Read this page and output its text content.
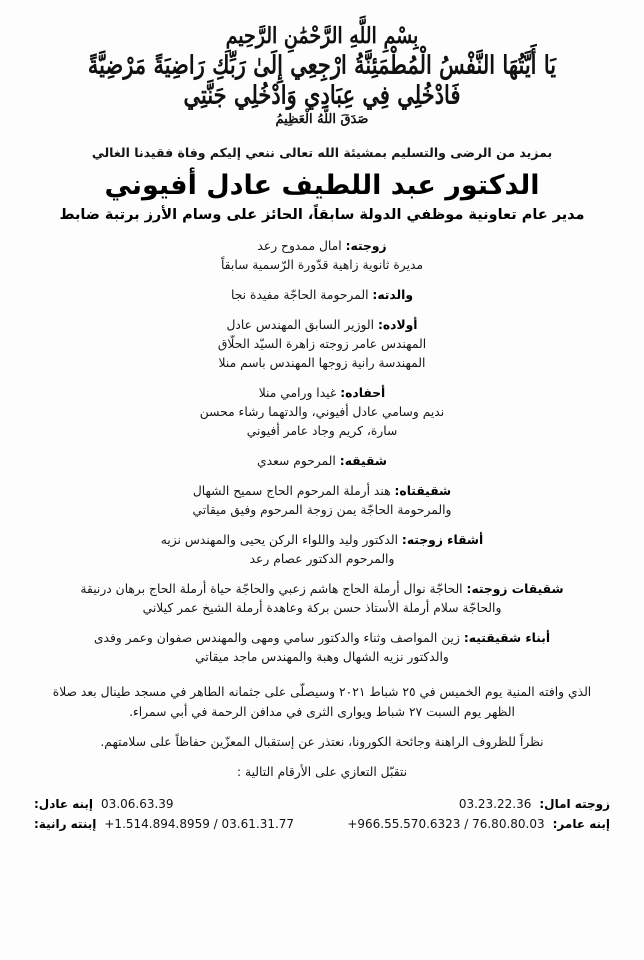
بِسْمِ اللَّهِ الرَّحْمَٰنِ الرَّحِيمِ
يَا أَيَّتُهَا النَّفْسُ الْمُطْمَئِنَّةُ ارْجِعِي إِلَىٰ رَبِّكِ رَاضِيَةً مَرْضِيَّةً
فَادْخُلِي فِي عِبَادِي وَادْخُلِي جَنَّتِي
صَدَقَ اللَّهُ الْعَظِيمُ
بمزيد من الرضى والتسليم بمشيئة الله تعالى ننعي إليكم وفاة فقيدنا الغالي
الدكتور عبد اللطيف عادل أفيوني
مدير عام تعاونية موظفي الدولة سابقاً، الحائز على وسام الأرز برتبة ضابط
زوجته: امال ممدوح رعد
مديرة ثانوية زاهية قدّورة الرّسمية سابقاً
والدته: المرحومة الحاجّة مفيدة نجا
أولاده: الوزير السابق المهندس عادل
المهندس عامر زوجته زاهرة السيّد الحلّاق
المهندسة رانية زوجها المهندس باسم منلا
أحفاده: غيدا ورامي منلا
نديم وسامي عادل أفيوني، والدتهما رشاء محسن
سارة، كريم وجاد عامر أفيوني
شقيقه: المرحوم سعدي
شقيقتاه: هند أرملة المرحوم الحاج سميح الشهال
والمرحومة الحاجّة يمن زوجة المرحوم وفيق ميقاتي
أشقاء زوجته: الدكتور وليد واللواء الركن يحيى والمهندس نزيه
والمرحوم الدكتور عصام رعد
شقيقات زوجته: الحاجّة نوال أرملة الحاج هاشم زعبي والحاجّة حياة أرملة الحاج برهان درنيقة
والحاجّة سلام أرملة الأستاذ حسن بركة وعاهدة أرملة الشيخ عمر كيلاني
أبناء شقيقتيه: زين المواصف وثناء والدكتور سامي ومهى والمهندس صفوان وعمر وفدى
والدكتور نزيه الشهال وهبة والمهندس ماجد ميقاتي

الذي وافته المنية يوم الخميس في ٢٥ شباط ٢٠٢١ وسيصلّى على جثمانه الطاهر في مسجد طينال بعد صلاة الظهر يوم السبت ٢٧ شباط ويوارى الثرى في مدافن الرحمة في أبي سمراء.

نظراً للظروف الراهنة وجائحة الكورونا، نعتذر عن إستقبال المعزّين حفاظاً على سلامتهم.

نتقبّل التعازي على الأرقام التالية :

زوجته امال:
03.23.22.36
03.06.63.39
إبنه عادل:
إبنه عامر:
+966.55.570.6323 / 76.80.80.03
+1.514.894.8959 / 03.61.31.77
إبنته رانية:
